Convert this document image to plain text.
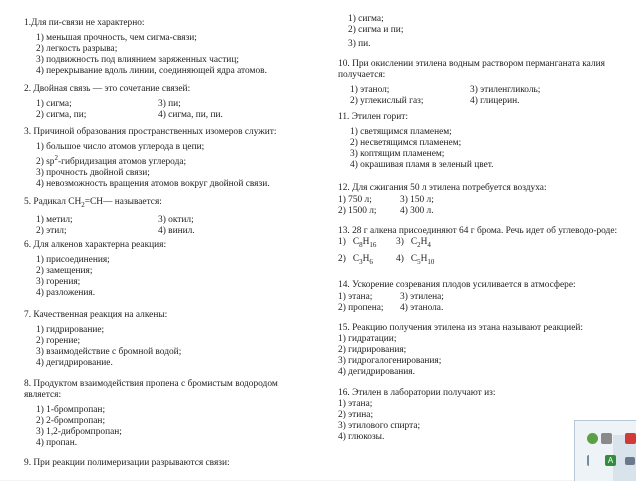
1.Для пи-связи не характерно:
1) меньшая прочность, чем сигма-связи;
2) легкость разрыва;
3) подвижность под влиянием заряженных частиц;
4) перекрывание вдоль линии, соединяющей ядра атомов.
2. Двойная связь — это сочетание связей:
1) сигма;	3) пи;
2) сигма, пи;	4) сигма, пи, пи.
3. Причиной образования пространственных изомеров служит:
1) большое число атомов углерода в цепи;
2) $sp^2$-гибридизация атомов углерода;
3) прочность двойной связи;
4) невозможность вращения атомов вокруг двойной связи.
5. Радикал $CH_2=CH—$ называется:
1) метил;	3) октил;
2) этил;	4) винил.
6. Для алкенов характерна реакция:
1) присоединения;
2) замещения;
3) горения;
4) разложения.
7. Качественная реакция на алкены:
1) гидрирование;
2) горение;
3) взаимодействие с бромной водой;
4) дегидрирование.
8. Продуктом взаимодействия пропена с бромистым водородом является:
1) 1-бромпропан;
2) 2-бромпропан;
3) 1,2-дибромпропан;
4) пропан.
9. При реакции полимеризации разрываются связи:
1) сигма;
2) сигма и пи;
3) пи.
10. При окислении этилена водным раствором перманганата калия получается:
1) этанол;	3) этиленгликоль;
2) углекислый газ;	4) глицерин.
11. Этилен горит:
1) светящимся пламенем;
2) несветящимся пламенем;
3) коптящим пламенем;
4) окрашивая пламя в зеленый цвет.
12. Для сжигания 50 л этилена потребуется воздуха:
1) 750 л;	3) 150 л;
2) 1500 л;	4) 300 л.
13. 28 г алкена присоединяют 64 г брома. Речь идет об углеводо-роде:
1) $C_8H_{16}$	3) $C_2H_4$
2) $C_3H_6$	4) $C_5H_{10}$
14. Ускорение созревания плодов усиливается в атмосфере:
1) этана;	3) этилена;
2) пропена;	4) этанола.
15. Реакцию получения этилена из этана называют реакцией:
1) гидратации;
2) гидрирования;
3) гидрогалогенирования;
4) дегидрирования.
16. Этилен в лаборатории получают из:
1) этана;
2) этина;
3) этилового спирта;
4) глюкозы.
A
